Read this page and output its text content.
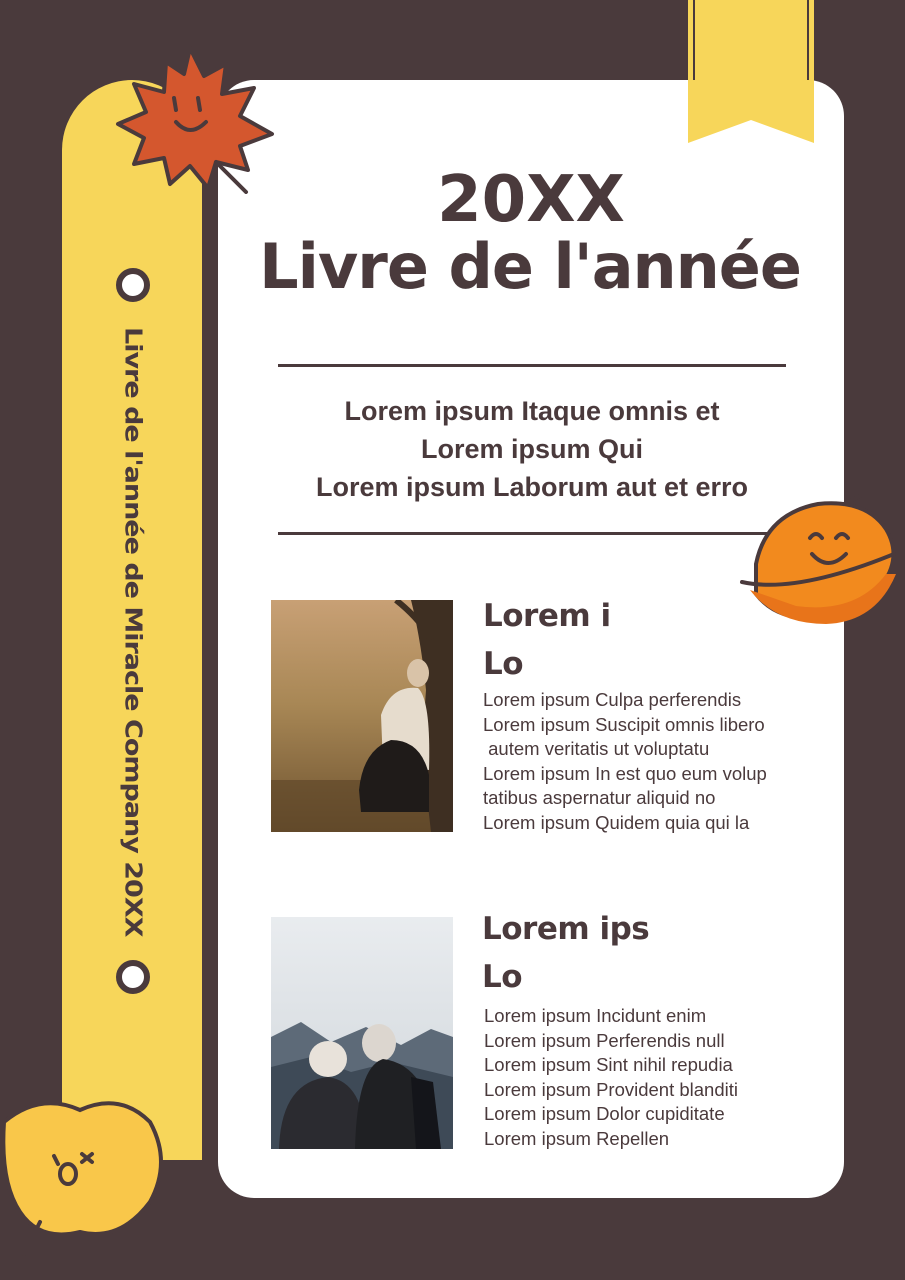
Livre de l'année de Miracle Company 20XX
20XX
Livre de l'année
Lorem ipsum Itaque omnis et
Lorem ipsum Qui
Lorem ipsum Laborum aut et erro
Lorem i
Lo
Lorem ipsum Culpa perferendis
Lorem ipsum Suscipit omnis libero
autem veritatis ut voluptatu
Lorem ipsum In est quo eum volup
tatibus aspernatur aliquid no
Lorem ipsum Quidem quia qui la
Lorem ips
Lo
Lorem ipsum Incidunt enim
Lorem ipsum Perferendis null
Lorem ipsum Sint nihil repudia
Lorem ipsum Provident blanditi
Lorem ipsum Dolor cupiditate
Lorem ipsum Repellen
